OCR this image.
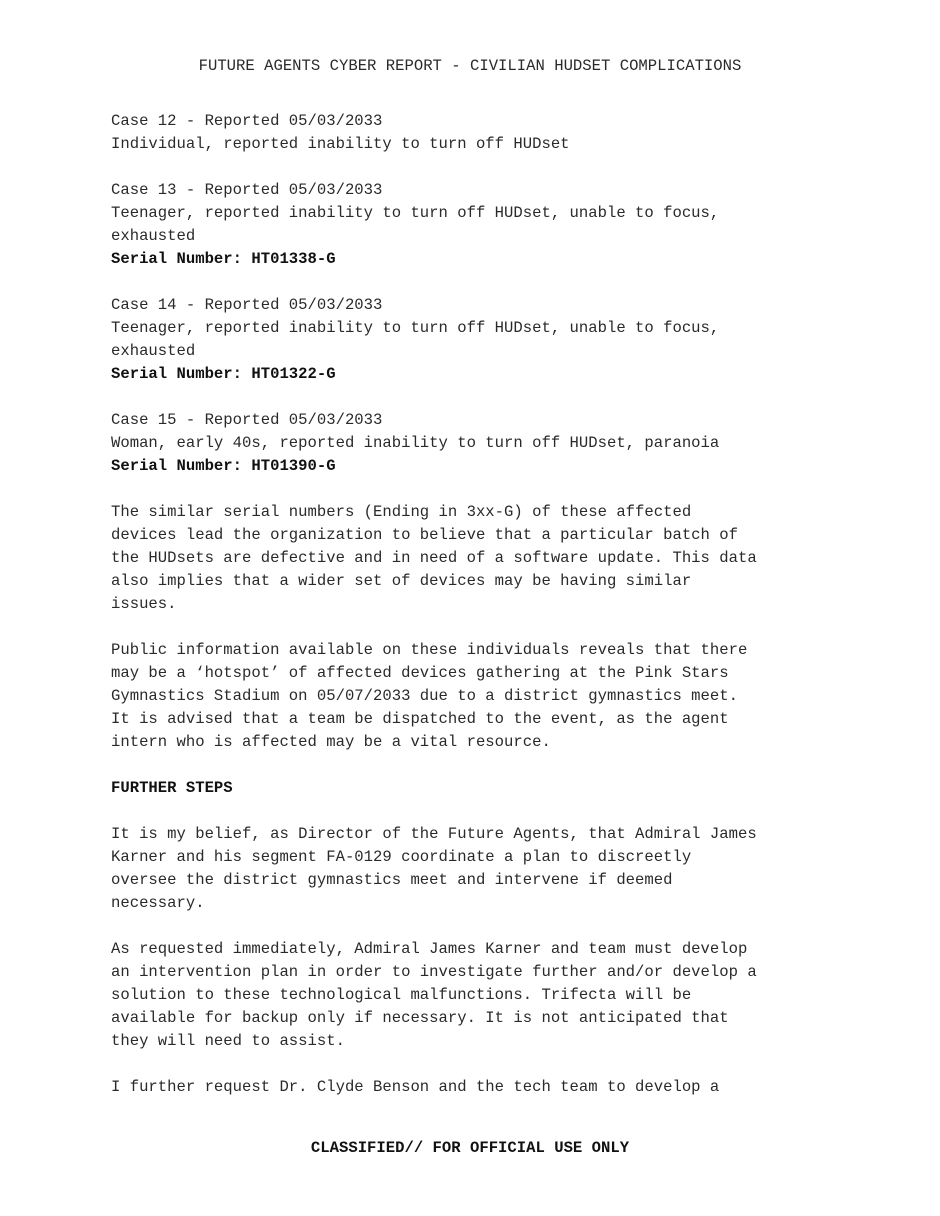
FUTURE AGENTS CYBER REPORT - CIVILIAN HUDSET COMPLICATIONS
Case 12 - Reported 05/03/2033
Individual, reported inability to turn off HUDset
Case 13 - Reported 05/03/2033
Teenager, reported inability to turn off HUDset, unable to focus,
exhausted
Serial Number: HT01338-G
Case 14 - Reported 05/03/2033
Teenager, reported inability to turn off HUDset, unable to focus,
exhausted
Serial Number: HT01322-G
Case 15 - Reported 05/03/2033
Woman, early 40s, reported inability to turn off HUDset, paranoia
Serial Number: HT01390-G
The similar serial numbers (Ending in 3xx-G) of these affected
devices lead the organization to believe that a particular batch of
the HUDsets are defective and in need of a software update. This data
also implies that a wider set of devices may be having similar
issues.
Public information available on these individuals reveals that there
may be a ‘hotspot’ of affected devices gathering at the Pink Stars
Gymnastics Stadium on 05/07/2033 due to a district gymnastics meet.
It is advised that a team be dispatched to the event, as the agent
intern who is affected may be a vital resource.
FURTHER STEPS
It is my belief, as Director of the Future Agents, that Admiral James
Karner and his segment FA-0129 coordinate a plan to discreetly
oversee the district gymnastics meet and intervene if deemed
necessary.
As requested immediately, Admiral James Karner and team must develop
an intervention plan in order to investigate further and/or develop a
solution to these technological malfunctions. Trifecta will be
available for backup only if necessary. It is not anticipated that
they will need to assist.
I further request Dr. Clyde Benson and the tech team to develop a
CLASSIFIED// FOR OFFICIAL USE ONLY
